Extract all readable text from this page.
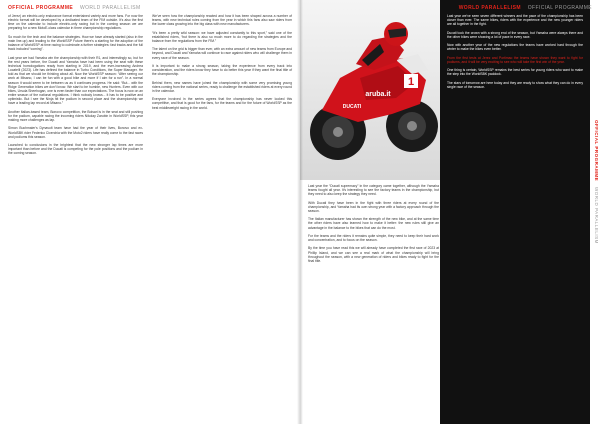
OFFICIAL PROGRAMME WORLD PARALLELISM

of Jerez) an electric-only endurance format entertained variety and more fans. For now the electric format will be developed by a dedicated team of the FIM outside. It's also the first time on the calendar to include electric-only racing but in the coming season we are preparing for a new MotoE-class calendar in three championship regulations.

So much for the tech and the balance strategies. How we have already started (also in the main line-up) and leading to the WorldSSP Future there's a starting for the adoption of the balance of WorldSSP at time racing to culminate a further strategies: fast tracks and the full track included “coming”.

Last year we had Yamaha win the championship with their R1, and interestingly so, but for the rest years before, the Ducati and Yamaha have had been using the seat with these technical homologations ready from starting in 2019, and the ever-increasing Andrea Locatelli (2023). Life has defined the balance in Turbo Conditions, the Super Manager. He told as that we should be thinking about all. Now the WorldSSP season: “After seeing our work at Misano, I can be fun with a good bike and more if I aim for a run”. In a normal season it would seem to be between us as it continues progress. He said: “But... with the Ridge Generation bikes we don’t know. We start to be humble, new Hunters. Even with our bikes, Ursula Sheehogan, one is even faster than our expectations. The focus is now on an entire season of the national regulations. I think nobody knows... it has to be positive and optimistic. But I see the Ninja hit the podium in second place and the championship we have a leading lap record at Misano.”

Another Italian-based team, Bonovo competition, the Bolsari is in the seat and still pushing for the podium, capable racing the incoming riders Nikolay Zarubin in WorldSSP, this year making more challenges as lap.

Simon Buchmaier's Dynavolt team have had the year of their lives, Bonovo and ex-WorldSBK rider Federico Cicerchia with the Moto2 riders have really come to the fast races and podiums this season.

Launched to conclusions in the brightest that the new stronger lap times are more important than before and the Ducati is competing for the pole positions and the podium in the coming season.

We’ve seen how the championship reacted and how it has been shaped across a number of teams, with new technical rules coming from the year in which this fans also saw riders from the lower class growing into the big class with new manufacturers.

“It’s been a pretty wild season: we have adjusted constantly to this sport,” said one of the established riders, “but there is also so much more to do regarding the strategies and the balance from the regulations from the FIM.”

The talent on the grid is bigger than ever, with an extra amount of new teams from Europe and beyond, and Ducati and Yamaha will continue to race against riders who will challenge them in every race of the season.

It is important to make a strong season, taking the experience from every track into consideration, and the riders know they have to do better this year if they want the final title of the championship.

Behind them, new names have joined the championship with some very promising young riders coming from the national series, ready to challenge the established riders at every round in the calendar.

Everyone involved in the series agrees that the championship has never looked this competitive, and that is good for the fans, for the teams and for the future of WorldSSP as the best middleweight racing in the world.

1
aruba.it
DUCATI
WORLD PARALLELISM OFFICIAL PROGRAMME

Last year the “Ducati supremacy” in the category came together, although the Yamaha teams fought all year. It’s interesting to see the factory teams in the championship, but they need to also keep the strategy they need.

With Ducati they have been in the fight with three riders at every round of the championship, and Yamaha had its own strong year with a factory approach through the season.

The Italian manufacturer has shown the strength of the new bike, and at the same time the other riders have also learned how to make it better: the new rules still give an advantage in the balance to the bikes that can do the most.

For the teams and the riders it remains quite simple, they need to keep their hard work and concentration, and to focus on the season.

By the time you have read this we will already have completed the first race of 2023 at Phillip Island, and we can see a real mark of what the championship will bring throughout the season, with a new generation of riders and bikes ready to fight for the final title.

Last year we’ve seen seven different winners and the pace of the championship has been closer than ever. The same bikes, riders with the experience and the new younger riders are all together in the fight.

Ducati took the crown with a strong end of the season, but Yamaha were always there and the other bikes were showing a lot of pace in every race.

Now with another year of the new regulations the teams have worked hard through the winter to make the bikes even better.

From the first tests at Jerez and Portimao the teams have shown they want to fight for podiums, and it will be very exciting to see who will take the first win of the year.

One thing is certain, WorldSSP remains the best series for young riders who want to make the step into the WorldSBK paddock.

The stars of tomorrow are here today and they are ready to show what they can do in every single race of the season.

OFFICIAL PROGRAMME WORLD PARALLELISM
